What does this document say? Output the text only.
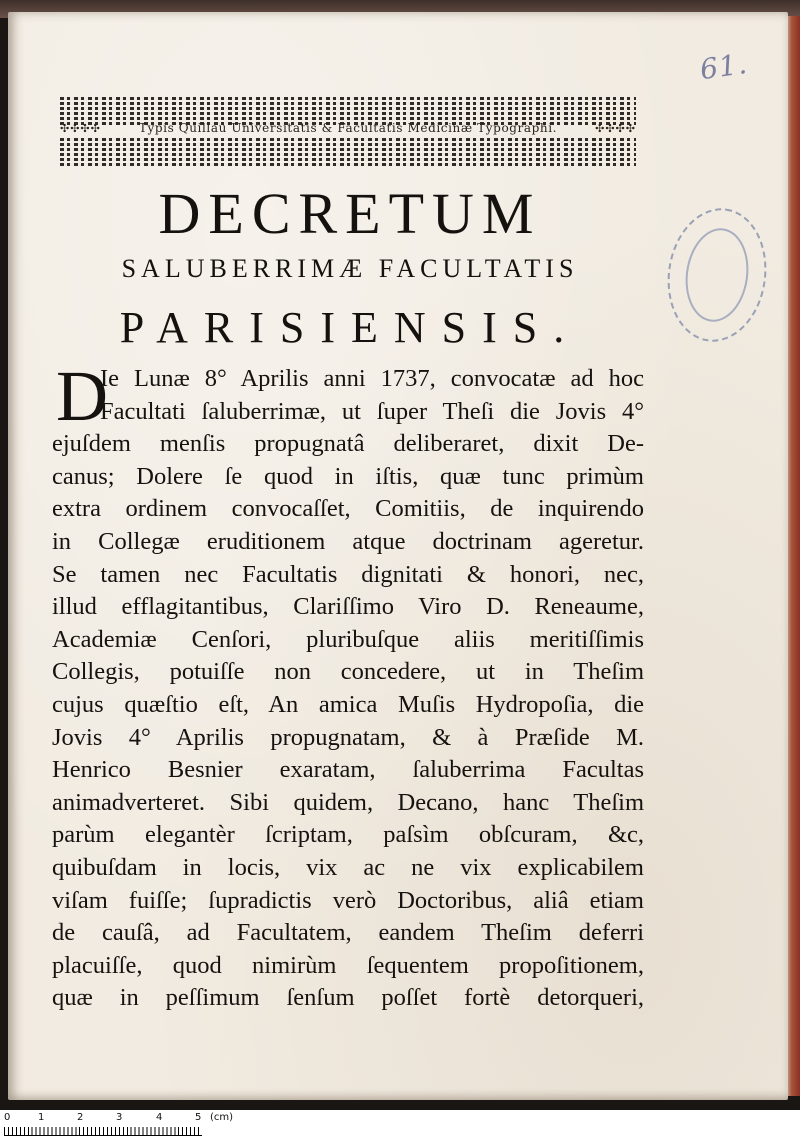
61.
✣✣✣✣	Typis Quillau Universitatis & Facultatis Medicinæ Typographi.	✣✣✣✣
DECRETUM
SALUBERRIMÆ FACULTATIS
PARISIENSIS.
D
Ie Lunæ 8° Aprilis anni 1737, convocatæ ad hoc
Facultati ſaluberrimæ, ut ſuper Theſi die Jovis 4°
ejuſdem menſis propugnatâ deliberaret, dixit De-
canus; Dolere ſe quod in iſtis, quæ tunc primùm
extra ordinem convocaſſet, Comitiis, de inquirendo
in Collegæ eruditionem atque doctrinam ageretur.
Se tamen nec Facultatis dignitati & honori, nec,
illud efflagitantibus, Clariſſimo Viro D. Reneaume,
Academiæ Cenſori, pluribuſque aliis meritiſſimis
Collegis, potuiſſe non concedere, ut in Theſim
cujus quæſtio eſt, An amica Muſis Hydropoſia, die
Jovis 4° Aprilis propugnatam, & à Præſide M.
Henrico Besnier exaratam, ſaluberrima Facultas
animadverteret. Sibi quidem, Decano, hanc Theſim
parùm elegantèr ſcriptam, paſsìm obſcuram, &c,
quibuſdam in locis, vix ac ne vix explicabilem
viſam fuiſſe; ſupradictis verò Doctoribus, aliâ etiam
de cauſâ, ad Facultatem, eandem Theſim deferri
placuiſſe, quod nimirùm ſequentem propoſitionem,
quæ in peſſimum ſenſum poſſet fortè detorqueri,
0	1	2	3	4	5 (cm)
